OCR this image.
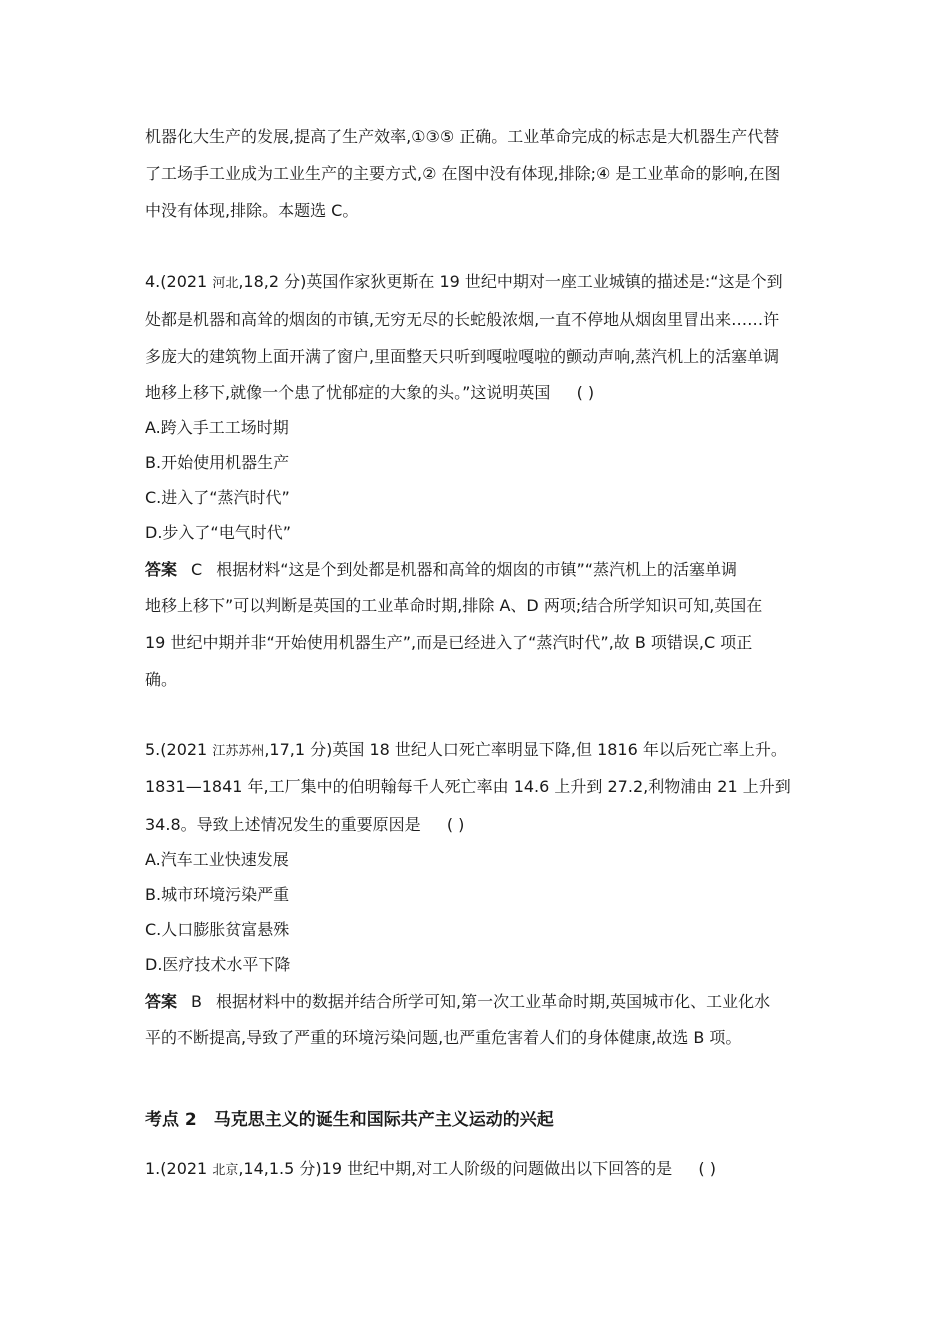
机器化大生产的发展,提高了生产效率,①③⑤ 正确。工业革命完成的标志是大机器生产代替
了工场手工业成为工业生产的主要方式,② 在图中没有体现,排除;④ 是工业革命的影响,在图
中没有体现,排除。本题选 C。
4.(2021 河北,18,2 分)英国作家狄更斯在 19 世纪中期对一座工业城镇的描述是:“这是个到
处都是机器和高耸的烟囱的市镇,无穷无尽的长蛇般浓烟,一直不停地从烟囱里冒出来……许
多庞大的建筑物上面开满了窗户,里面整天只听到嘎啦嘎啦的颤动声响,蒸汽机上的活塞单调
地移上移下,就像一个患了忧郁症的大象的头。”这说明英国 ( )
A.跨入手工工场时期
B.开始使用机器生产
C.进入了“蒸汽时代”
D.步入了“电气时代”
答案 C 根据材料“这是个到处都是机器和高耸的烟囱的市镇”“蒸汽机上的活塞单调
地移上移下”可以判断是英国的工业革命时期,排除 A、D 两项;结合所学知识可知,英国在
19 世纪中期并非“开始使用机器生产”,而是已经进入了“蒸汽时代”,故 B 项错误,C 项正
确。
5.(2021 江苏苏州,17,1 分)英国 18 世纪人口死亡率明显下降,但 1816 年以后死亡率上升。
1831—1841 年,工厂集中的伯明翰每千人死亡率由 14.6 上升到 27.2,利物浦由 21 上升到
34.8。导致上述情况发生的重要原因是 ( )
A.汽车工业快速发展
B.城市环境污染严重
C.人口膨胀贫富悬殊
D.医疗技术水平下降
答案 B 根据材料中的数据并结合所学可知,第一次工业革命时期,英国城市化、工业化水
平的不断提高,导致了严重的环境污染问题,也严重危害着人们的身体健康,故选 B 项。
考点 2　马克思主义的诞生和国际共产主义运动的兴起
1.(2021 北京,14,1.5 分)19 世纪中期,对工人阶级的问题做出以下回答的是 ( )
